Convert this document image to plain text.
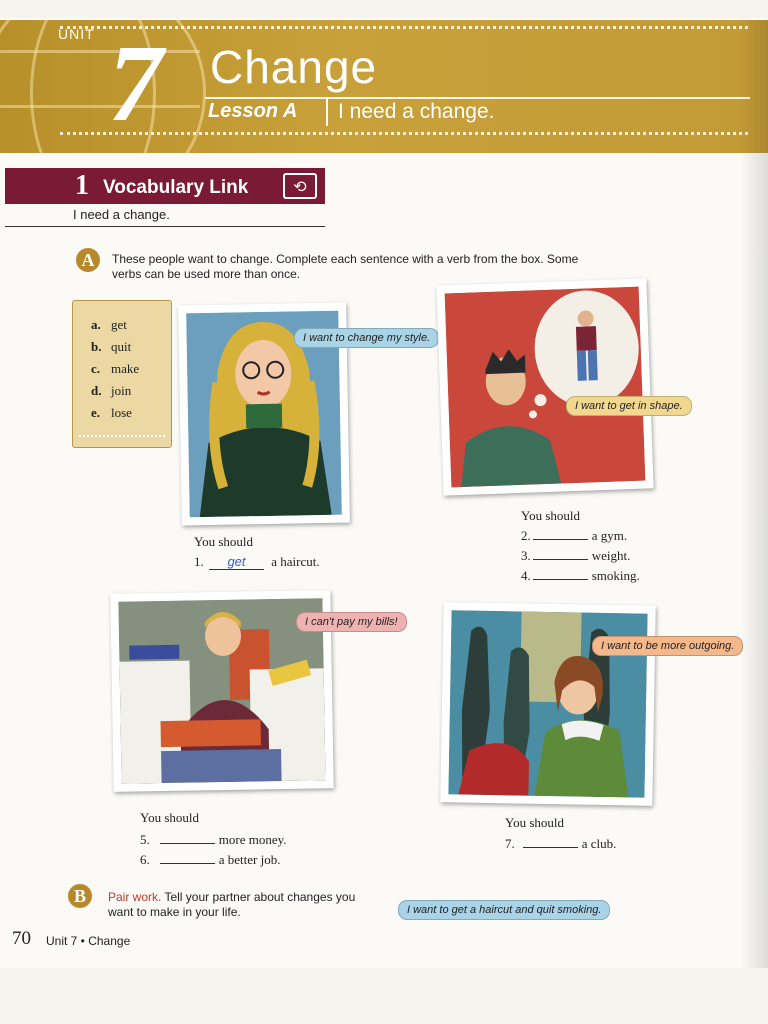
UNIT 7 Change
Lesson A I need a change.
1 Vocabulary Link	⟲
I need a change.
A	These people want to change. Complete each sentence with a verb from the box. Some verbs can be used more than once.
a. get
b. quit
c. make
d. join
e. lose
I want to change my style.
I want to get in shape.
You should
1. get a haircut.
You should
2.	a gym.
3.	weight.
4.	smoking.
I can't pay my bills!
I want to be more outgoing.
You should
5.	more money.
6.	a better job.
You should
7.	a club.
B	Pair work. Tell your partner about changes you want to make in your life.	I want to get a haircut and quit smoking.
70 Unit 7 • Change
